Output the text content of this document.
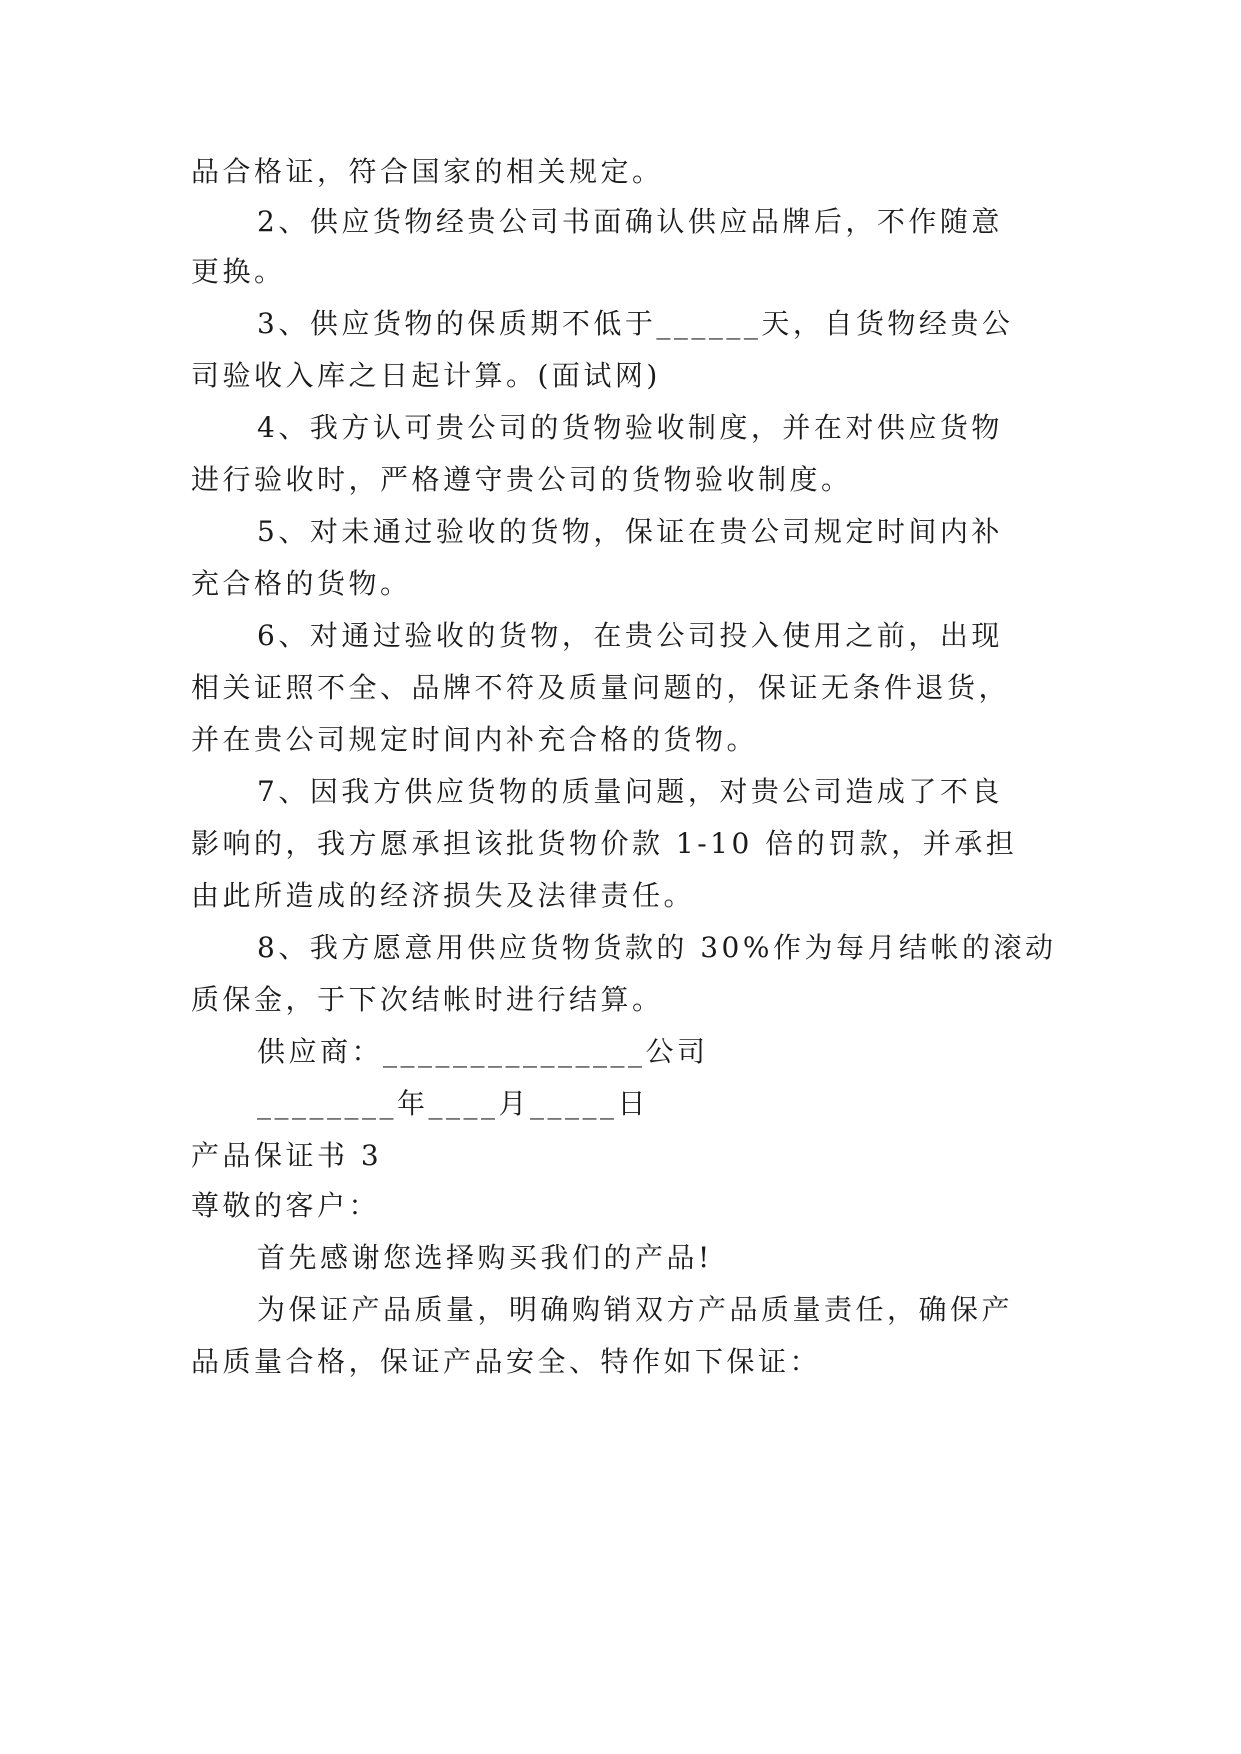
品合格证，符合国家的相关规定。
2、供应货物经贵公司书面确认供应品牌后，不作随意
更换。
3、供应货物的保质期不低于______天，自货物经贵公
司验收入库之日起计算。(面试网)
4、我方认可贵公司的货物验收制度，并在对供应货物
进行验收时，严格遵守贵公司的货物验收制度。
5、对未通过验收的货物，保证在贵公司规定时间内补
充合格的货物。
6、对通过验收的货物，在贵公司投入使用之前，出现
相关证照不全、品牌不符及质量问题的，保证无条件退货，
并在贵公司规定时间内补充合格的货物。
7、因我方供应货物的质量问题，对贵公司造成了不良
影响的，我方愿承担该批货物价款 1-10 倍的罚款，并承担
由此所造成的经济损失及法律责任。
8、我方愿意用供应货物货款的 30%作为每月结帐的滚动
质保金，于下次结帐时进行结算。
供应商：_______________公司
________年____月_____日
产品保证书 3
尊敬的客户：
首先感谢您选择购买我们的产品!
为保证产品质量，明确购销双方产品质量责任，确保产
品质量合格，保证产品安全、特作如下保证：
